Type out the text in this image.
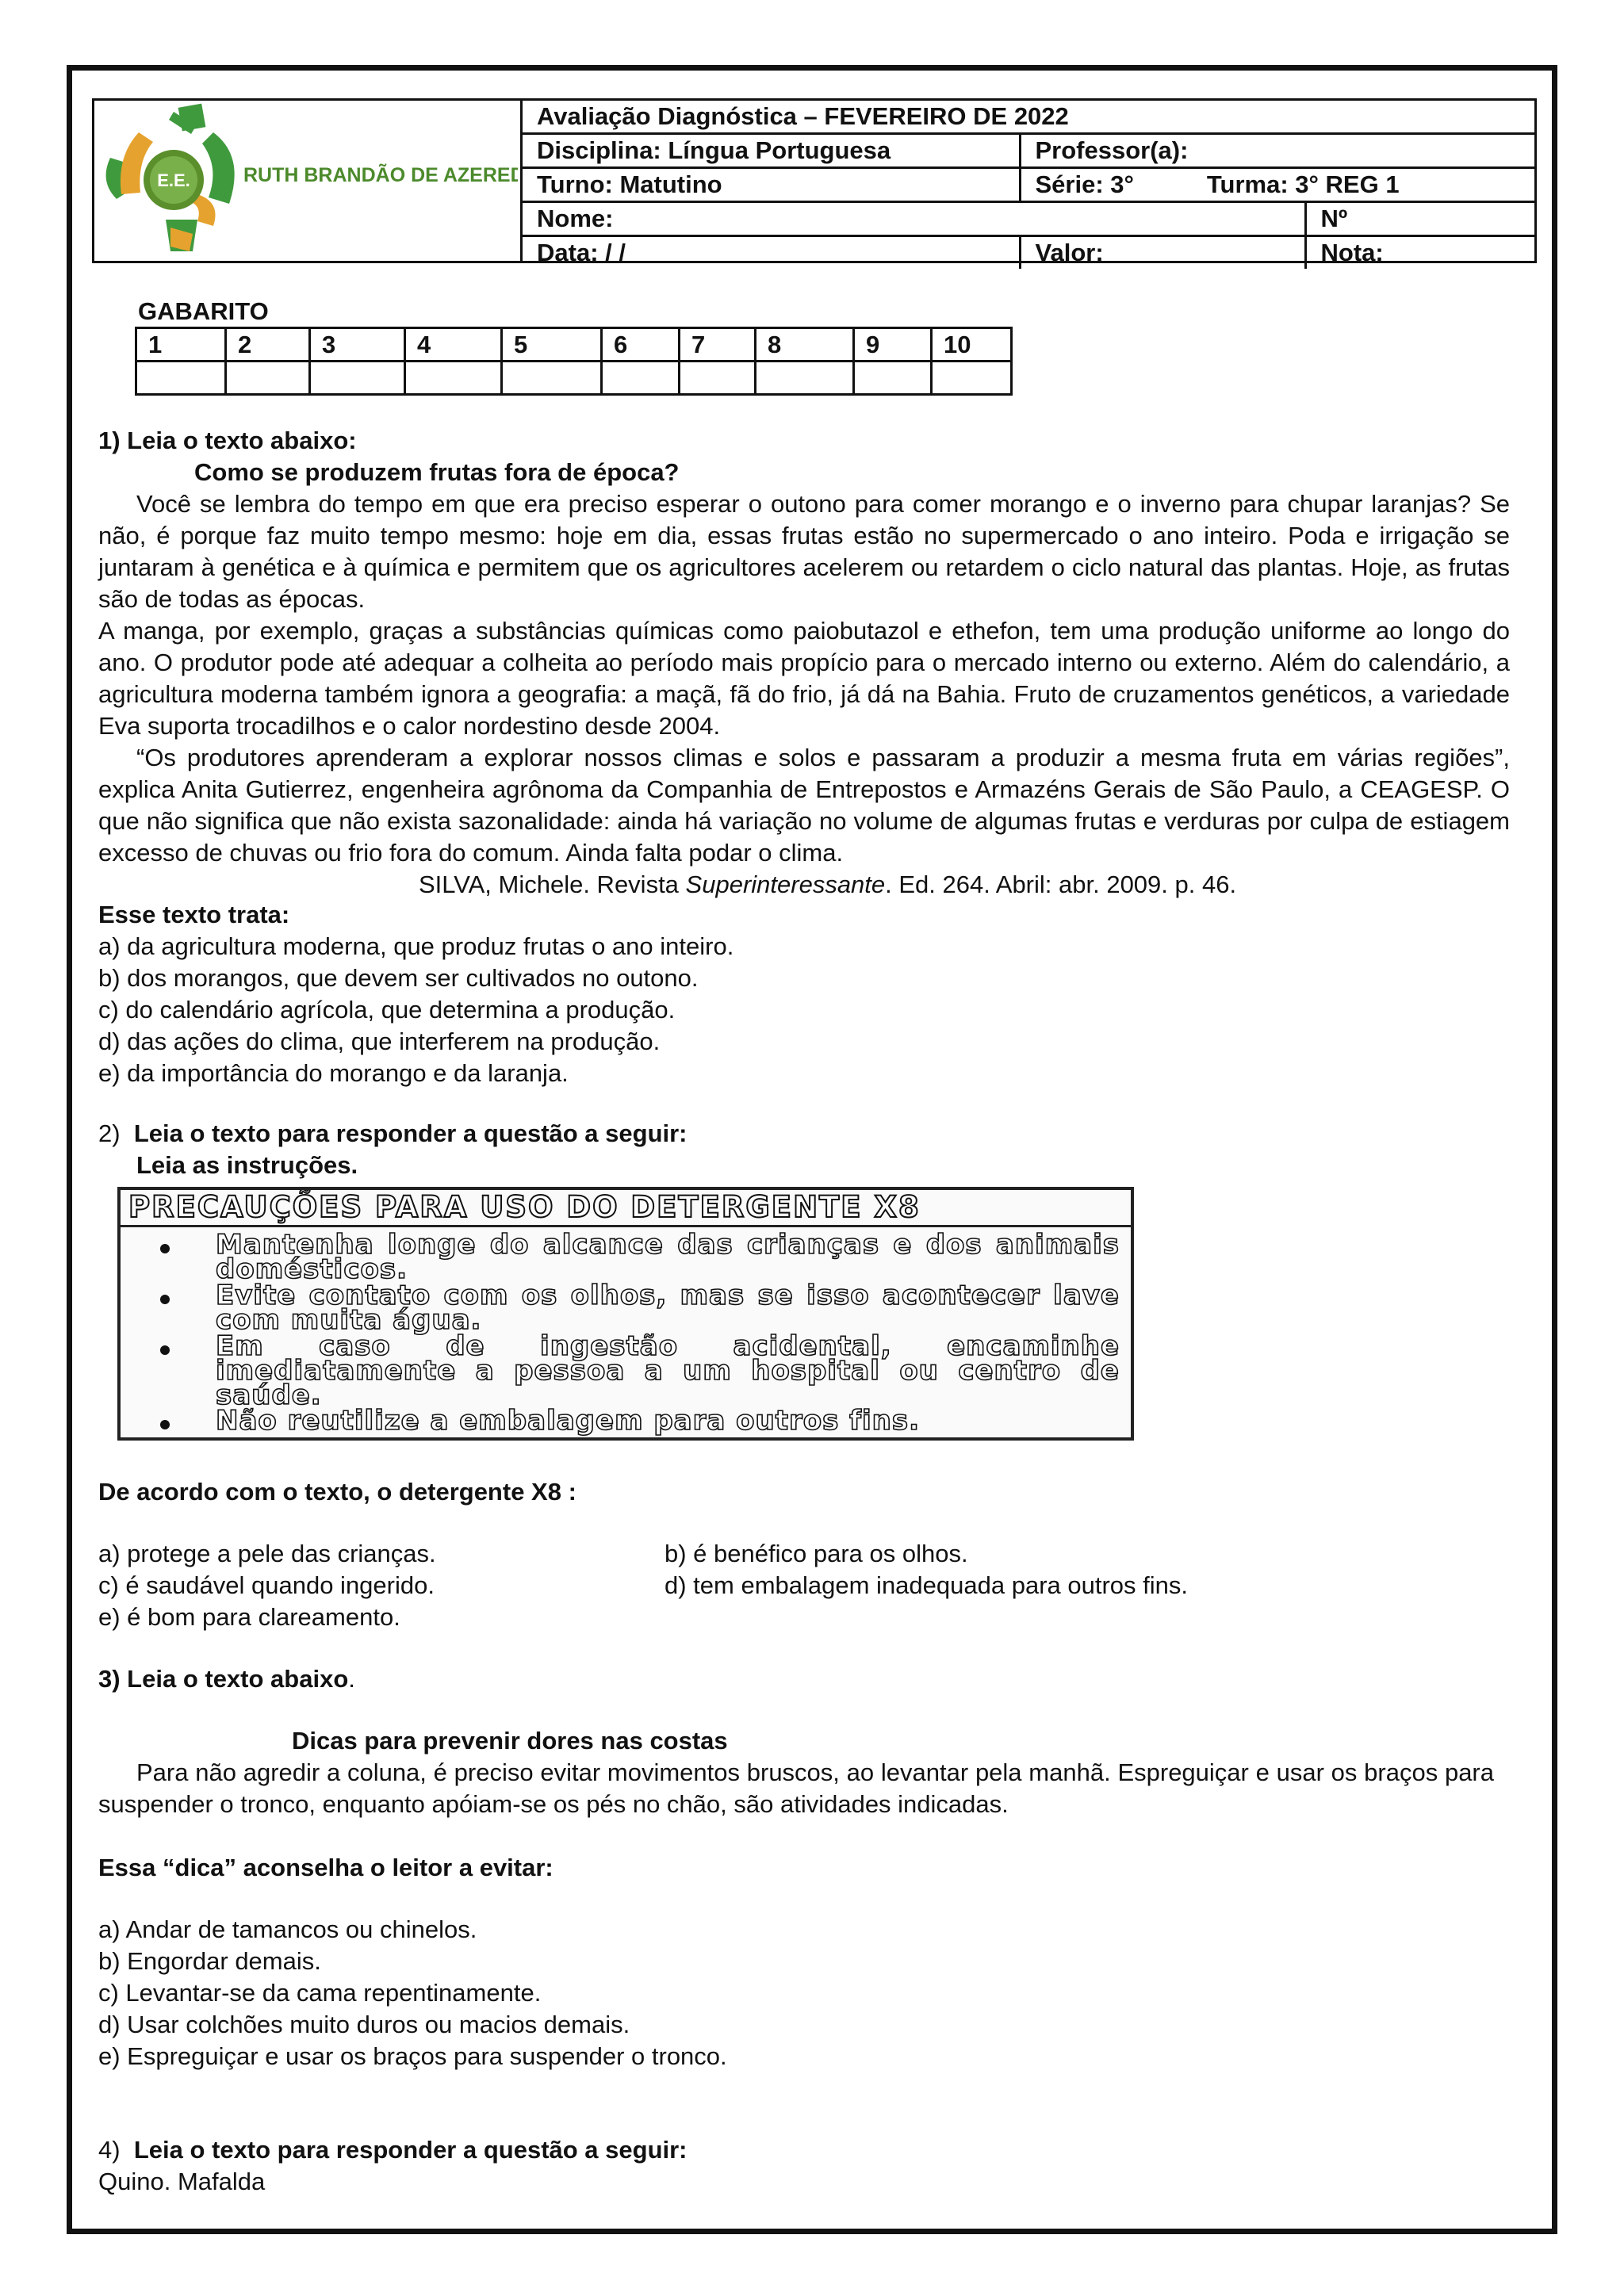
E.E.	RUTH BRANDÃO DE AZEREDO
Avaliação Diagnóstica – FEVEREIRO DE 2022		
Disciplina: Língua Portuguesa	Professor(a):	
Turno: Matutino	Série: 3° Turma: 3° REG 1	
Nome:		Nº
Data: / /	Valor:	Nota:
GABARITO
1	2	3	4	5	6	7	8	9	10

1) Leia o texto abaixo:
Como se produzem frutas fora de época?
Você se lembra do tempo em que era preciso esperar o outono para comer morango e o inverno para chupar laranjas? Se não, é porque faz muito tempo mesmo: hoje em dia, essas frutas estão no supermercado o ano inteiro. Poda e irrigação se juntaram à genética e à química e permitem que os agricultores acelerem ou retardem o ciclo natural das plantas. Hoje, as frutas são de todas as épocas.
A manga, por exemplo, graças a substâncias químicas como paiobutazol e ethefon, tem uma produção uniforme ao longo do ano. O produtor pode até adequar a colheita ao período mais propício para o mercado interno ou externo. Além do calendário, a agricultura moderna também ignora a geografia: a maçã, fã do frio, já dá na Bahia. Fruto de cruzamentos genéticos, a variedade Eva suporta trocadilhos e o calor nordestino desde 2004.
“Os produtores aprenderam a explorar nossos climas e solos e passaram a produzir a mesma fruta em várias regiões”, explica Anita Gutierrez, engenheira agrônoma da Companhia de Entrepostos e Armazéns Gerais de São Paulo, a CEAGESP. O que não significa que não exista sazonalidade: ainda há variação no volume de algumas frutas e verduras por culpa de estiagem excesso de chuvas ou frio fora do comum. Ainda falta podar o clima.
SILVA, Michele. Revista Superinteressante. Ed. 264. Abril: abr. 2009. p. 46.
Esse texto trata:
a) da agricultura moderna, que produz frutas o ano inteiro.
b) dos morangos, que devem ser cultivados no outono.
c) do calendário agrícola, que determina a produção.
d) das ações do clima, que interferem na produção.
e) da importância do morango e da laranja.
2) Leia o texto para responder a questão a seguir:
Leia as instruções.
PRECAUÇÕES PARA USO DO DETERGENTE X8
Mantenha longe do alcance das crianças e dos animais domésticos.
Evite contato com os olhos, mas se isso acontecer lave com muita água.
Em caso de ingestão acidental, encaminhe imediatamente a pessoa a um hospital ou centro de saúde.
Não reutilize a embalagem para outros fins.
De acordo com o texto, o detergente X8 :
a) protege a pele das crianças.	b) é benéfico para os olhos.
c) é saudável quando ingerido.	d) tem embalagem inadequada para outros fins.
e) é bom para clareamento.
3) Leia o texto abaixo.
Dicas para prevenir dores nas costas
Para não agredir a coluna, é preciso evitar movimentos bruscos, ao levantar pela manhã. Espreguiçar e usar os braços para suspender o tronco, enquanto apóiam-se os pés no chão, são atividades indicadas.
Essa “dica” aconselha o leitor a evitar:
a) Andar de tamancos ou chinelos.
b) Engordar demais.
c) Levantar-se da cama repentinamente.
d) Usar colchões muito duros ou macios demais.
e) Espreguiçar e usar os braços para suspender o tronco.
4) Leia o texto para responder a questão a seguir:
Quino. Mafalda
